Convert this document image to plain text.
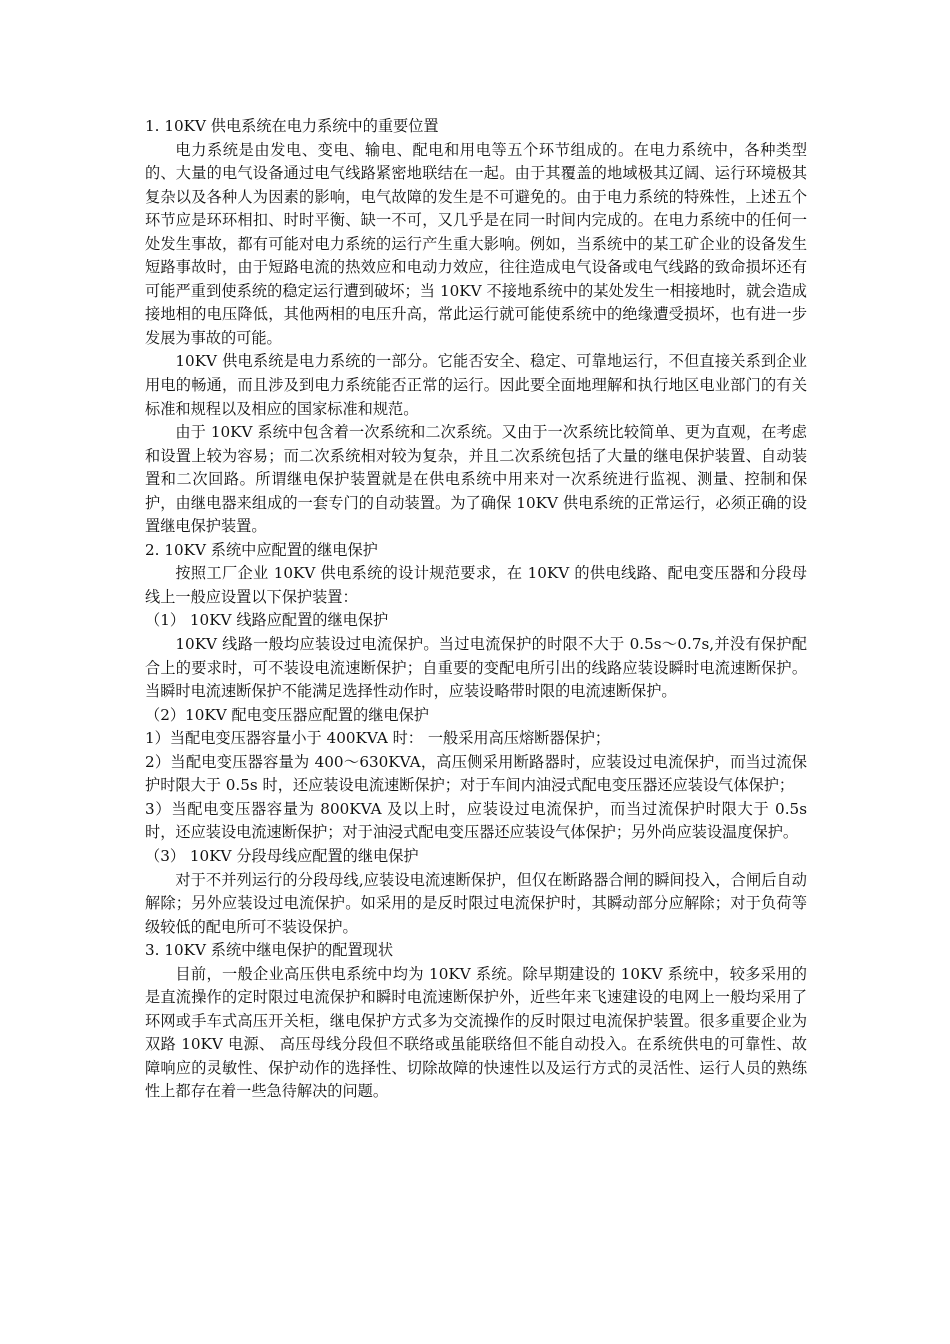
1. 10KV 供电系统在电力系统中的重要位置

电力系统是由发电、变电、输电、配电和用电等五个环节组成的。在电力系统中，各种类型的、大量的电气设备通过电气线路紧密地联结在一起。由于其覆盖的地域极其辽阔、运行环境极其复杂以及各种人为因素的影响，电气故障的发生是不可避免的。由于电力系统的特殊性，上述五个环节应是环环相扣、时时平衡、缺一不可，又几乎是在同一时间内完成的。在电力系统中的任何一处发生事故，都有可能对电力系统的运行产生重大影响。例如，当系统中的某工矿企业的设备发生短路事故时，由于短路电流的热效应和电动力效应，往往造成电气设备或电气线路的致命损坏还有可能严重到使系统的稳定运行遭到破坏；当 10KV 不接地系统中的某处发生一相接地时，就会造成接地相的电压降低，其他两相的电压升高，常此运行就可能使系统中的绝缘遭受损坏，也有进一步发展为事故的可能。

10KV 供电系统是电力系统的一部分。它能否安全、稳定、可靠地运行，不但直接关系到企业用电的畅通，而且涉及到电力系统能否正常的运行。因此要全面地理解和执行地区电业部门的有关标准和规程以及相应的国家标准和规范。

由于 10KV 系统中包含着一次系统和二次系统。又由于一次系统比较简单、更为直观，在考虑和设置上较为容易；而二次系统相对较为复杂，并且二次系统包括了大量的继电保护装置、自动装置和二次回路。所谓继电保护装置就是在供电系统中用来对一次系统进行监视、测量、控制和保护，由继电器来组成的一套专门的自动装置。为了确保 10KV 供电系统的正常运行，必须正确的设置继电保护装置。

2. 10KV 系统中应配置的继电保护

按照工厂企业 10KV 供电系统的设计规范要求，在 10KV 的供电线路、配电变压器和分段母线上一般应设置以下保护装置：

（1） 10KV 线路应配置的继电保护

10KV 线路一般均应装设过电流保护。当过电流保护的时限不大于 0.5s～0.7s,并没有保护配合上的要求时，可不装设电流速断保护；自重要的变配电所引出的线路应装设瞬时电流速断保护。当瞬时电流速断保护不能满足选择性动作时，应装设略带时限的电流速断保护。

（2）10KV 配电变压器应配置的继电保护

1）当配电变压器容量小于 400KVA 时： 一般采用高压熔断器保护；

2）当配电变压器容量为 400～630KVA，高压侧采用断路器时，应装设过电流保护，而当过流保护时限大于 0.5s 时，还应装设电流速断保护；对于车间内油浸式配电变压器还应装设气体保护；

3）当配电变压器容量为 800KVA 及以上时，应装设过电流保护，而当过流保护时限大于 0.5s 时，还应装设电流速断保护；对于油浸式配电变压器还应装设气体保护；另外尚应装设温度保护。

（3） 10KV 分段母线应配置的继电保护

对于不并列运行的分段母线,应装设电流速断保护，但仅在断路器合闸的瞬间投入，合闸后自动解除；另外应装设过电流保护。如采用的是反时限过电流保护时，其瞬动部分应解除；对于负荷等级较低的配电所可不装设保护。

3. 10KV 系统中继电保护的配置现状

目前，一般企业高压供电系统中均为 10KV 系统。除早期建设的 10KV 系统中，较多采用的是直流操作的定时限过电流保护和瞬时电流速断保护外，近些年来飞速建设的电网上一般均采用了环网或手车式高压开关柜，继电保护方式多为交流操作的反时限过电流保护装置。很多重要企业为双路 10KV 电源、 高压母线分段但不联络或虽能联络但不能自动投入。在系统供电的可靠性、故障响应的灵敏性、保护动作的选择性、切除故障的快速性以及运行方式的灵活性、运行人员的熟练性上都存在着一些急待解决的问题。
